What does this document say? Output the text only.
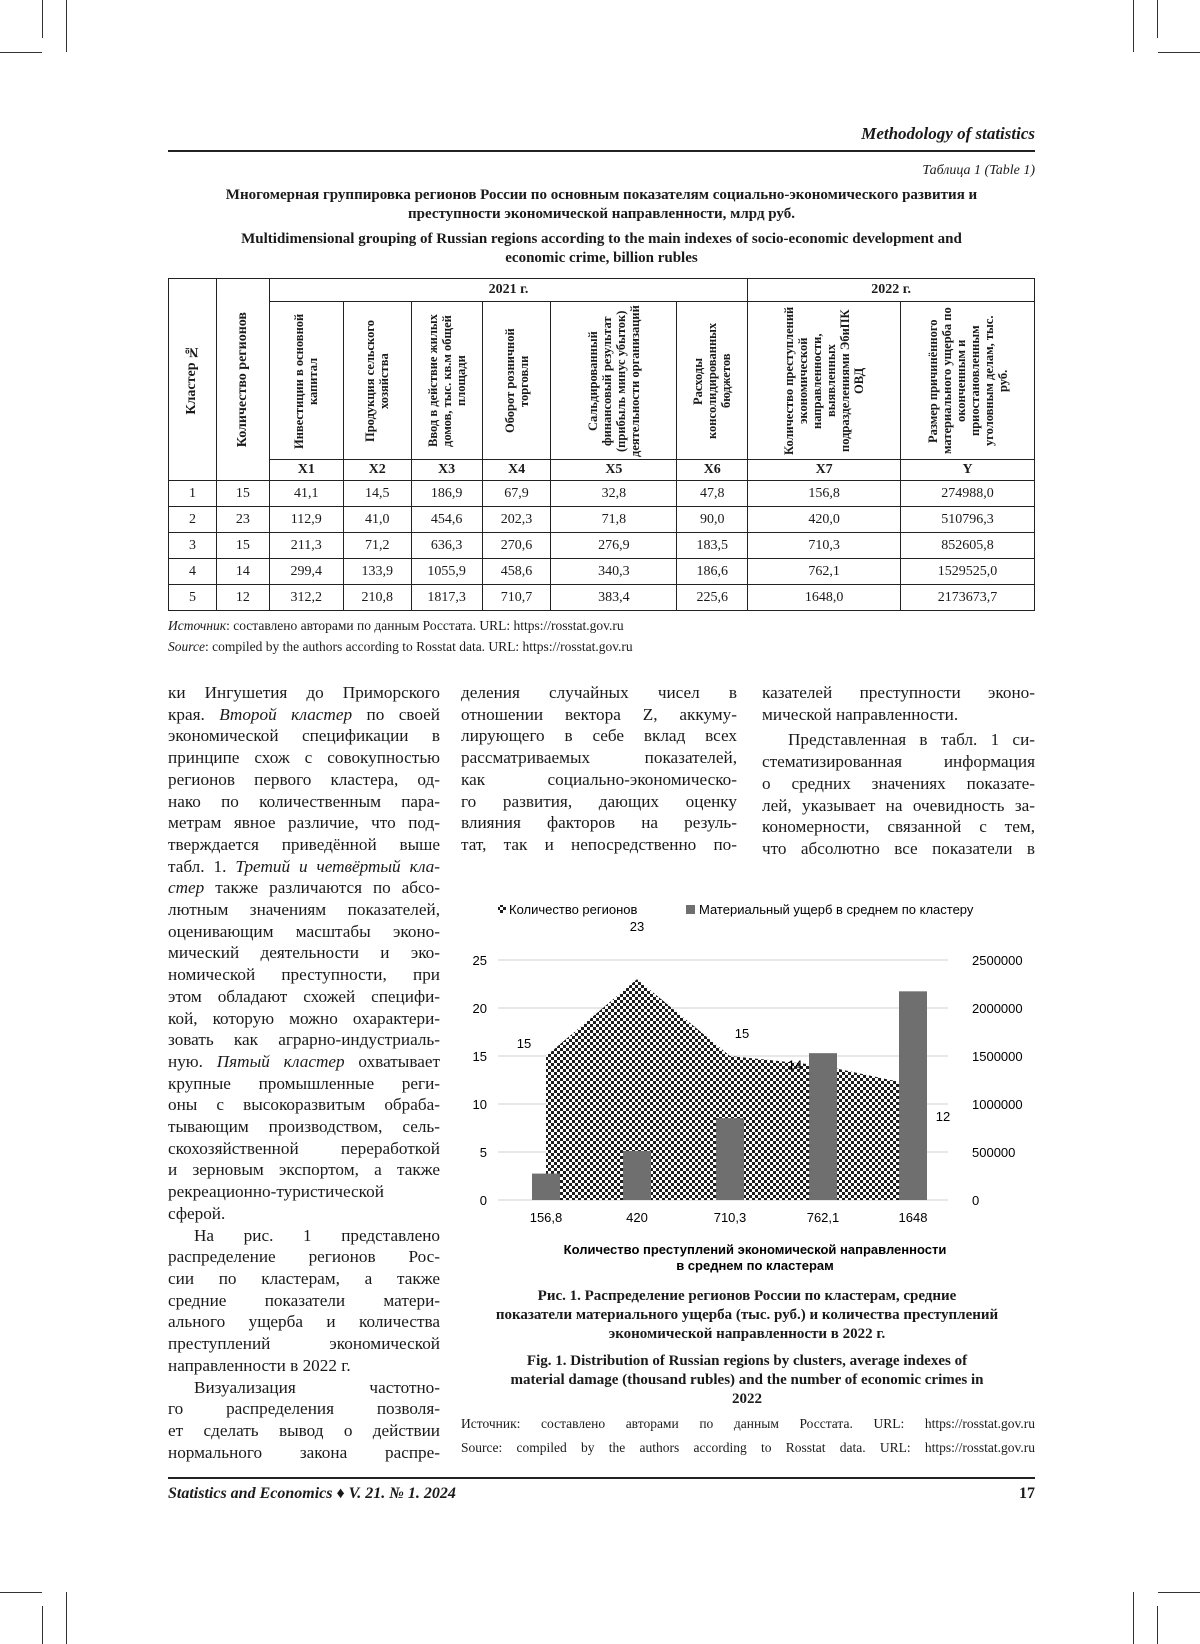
Methodology of statistics
Таблица 1 (Table 1)
Многомерная группировка регионов России по основным показателям социально-экономического развития и
преступности экономической направленности, млрд руб.
Multidimensional grouping of Russian regions according to the main indexes of socio-economic development and
economic crime, billion rubles
Кластер №	Количество регионов	2021 г.						2022 г.	

		Инвестиции в основной капитал	Продукция сельского хозяйства	Ввод в действие жилых домов, тыс. кв.м общей площади	Оборот розничной торговли	Сальдированный финансовый результат (прибыль минус убыток) деятельности организаций	Расходы консолидированных бюджетов	Количество преступлений экономической направленности, выявленных подразделениями ЭбиПК ОВД	Размер причинённого материального ущерба по оконченным и приостановленным уголовным делам, тыс. руб.

		X1	X2	X3	X4	X5	X6	X7	Y
1	15	41,1	14,5	186,9	67,9	32,8	47,8	156,8	274988,0
2	23	112,9	41,0	454,6	202,3	71,8	90,0	420,0	510796,3
3	15	211,3	71,2	636,3	270,6	276,9	183,5	710,3	852605,8
4	14	299,4	133,9	1055,9	458,6	340,3	186,6	762,1	1529525,0
5	12	312,2	210,8	1817,3	710,7	383,4	225,6	1648,0	2173673,7
Источник: составлено авторами по данным Росстата. URL: https://rosstat.gov.ru
Source: compiled by the authors according to Rosstat data. URL: https://rosstat.gov.ru
ки Ингушетия до Приморского
края. Второй кластер по своей
экономической спецификации в
принципе схож с совокупностью
регионов первого кластера, од-
нако по количественным пара-
метрам явное различие, что под-
тверждается приведённой выше
табл. 1. Третий и четвёртый кла-
стер также различаются по абсо-
лютным значениям показателей,
оценивающим масштабы эконо-
мический деятельности и эко-
номической преступности, при
этом обладают схожей специфи-
кой, которую можно охарактери-
зовать как аграрно-индустриаль-
ную. Пятый кластер охватывает
крупные промышленные реги-
оны с высокоразвитым обраба-
тывающим производством, сель-
скохозяйственной переработкой
и зерновым экспортом, а также
рекреационно-туристической
сферой.
На рис. 1 представлено
распределение регионов Рос-
сии по кластерам, а также
средние показатели матери-
ального ущерба и количества
преступлений экономической
направленности в 2022 г.
Визуализация частотно-
го распределения позволя-
ет сделать вывод о действии
нормального закона распре-
деления случайных чисел в
отношении вектора Z, аккуму-
лирующего в себе вклад всех
рассматриваемых показателей,
как социально-экономическо-
го развития, дающих оценку
влияния факторов на резуль-
тат, так и непосредственно по-
казателей преступности эконо-
мической направленности.
Представленная в табл. 1 си-
стематизированная информация
о средних значениях показате-
лей, указывает на очевидность за-
кономерности, связанной с тем,
что абсолютно все показатели в
0	0
5	500000
10	1000000
15	1500000
20	2000000
25	2500000
15
23
15
14
12
156,8	420	710,3	762,1	1648
Количество регионов	Материальный ущерб в среднем по кластеру
Количество преступлений экономической направленности
в среднем по кластерам
Рис. 1. Распределение регионов России по кластерам, средние
показатели материального ущерба (тыс. руб.) и количества преступлений
экономической направленности в 2022 г.
Fig. 1. Distribution of Russian regions by clusters, average indexes of
material damage (thousand rubles) and the number of economic crimes in
2022
Источник: составлено авторами по данным Росстата. URL: https://rosstat.gov.ru
Source: compiled by the authors according to Rosstat data. URL: https://rosstat.gov.ru
Statistics and Economics ♦ V. 21. № 1. 2024	17
